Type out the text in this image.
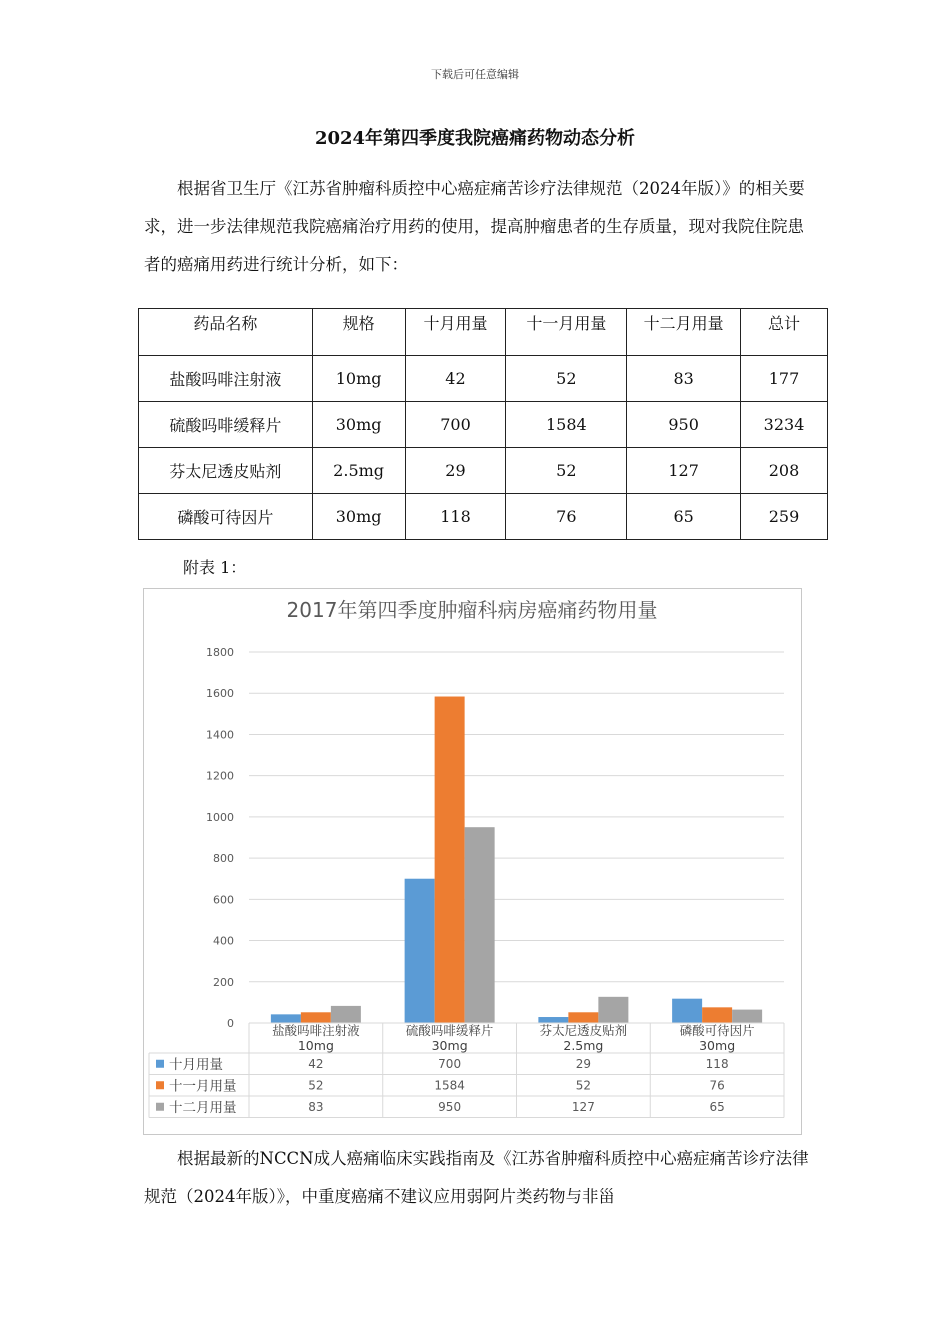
下载后可任意编辑
2024年第四季度我院癌痛药物动态分析

根据省卫生厅《江苏省肿瘤科质控中心癌症痛苦诊疗法律规范（2024年版）》的相关要求，进一步法律规范我院癌痛治疗用药的使用，提高肿瘤患者的生存质量，现对我院住院患者的癌痛用药进行统计分析，如下：

药品名称	规格	十月用量	十一月用量	十二月用量	总计
盐酸吗啡注射液	10mg	42	52	83	177
硫酸吗啡缓释片	30mg	700	1584	950	3234
芬太尼透皮贴剂	2.5mg	29	52	127	208
磷酸可待因片	30mg	118	76	65	259
附表 1：
2017年第四季度肿瘤科病房癌痛药物用量
0
200
400
600
800
1000
1200
1400
1600
1800
盐酸吗啡注射液
10mg
硫酸吗啡缓释片
30mg
芬太尼透皮贴剂
2.5mg
磷酸可待因片
30mg
十月用量	42	700	29	118
十一月用量	52	1584	52	76
十二月用量	83	950	127	65

根据最新的NCCN成人癌痛临床实践指南及《江苏省肿瘤科质控中心癌症痛苦诊疗法律规范（2024年版）》，中重度癌痛不建议应用弱阿片类药物与非甾
